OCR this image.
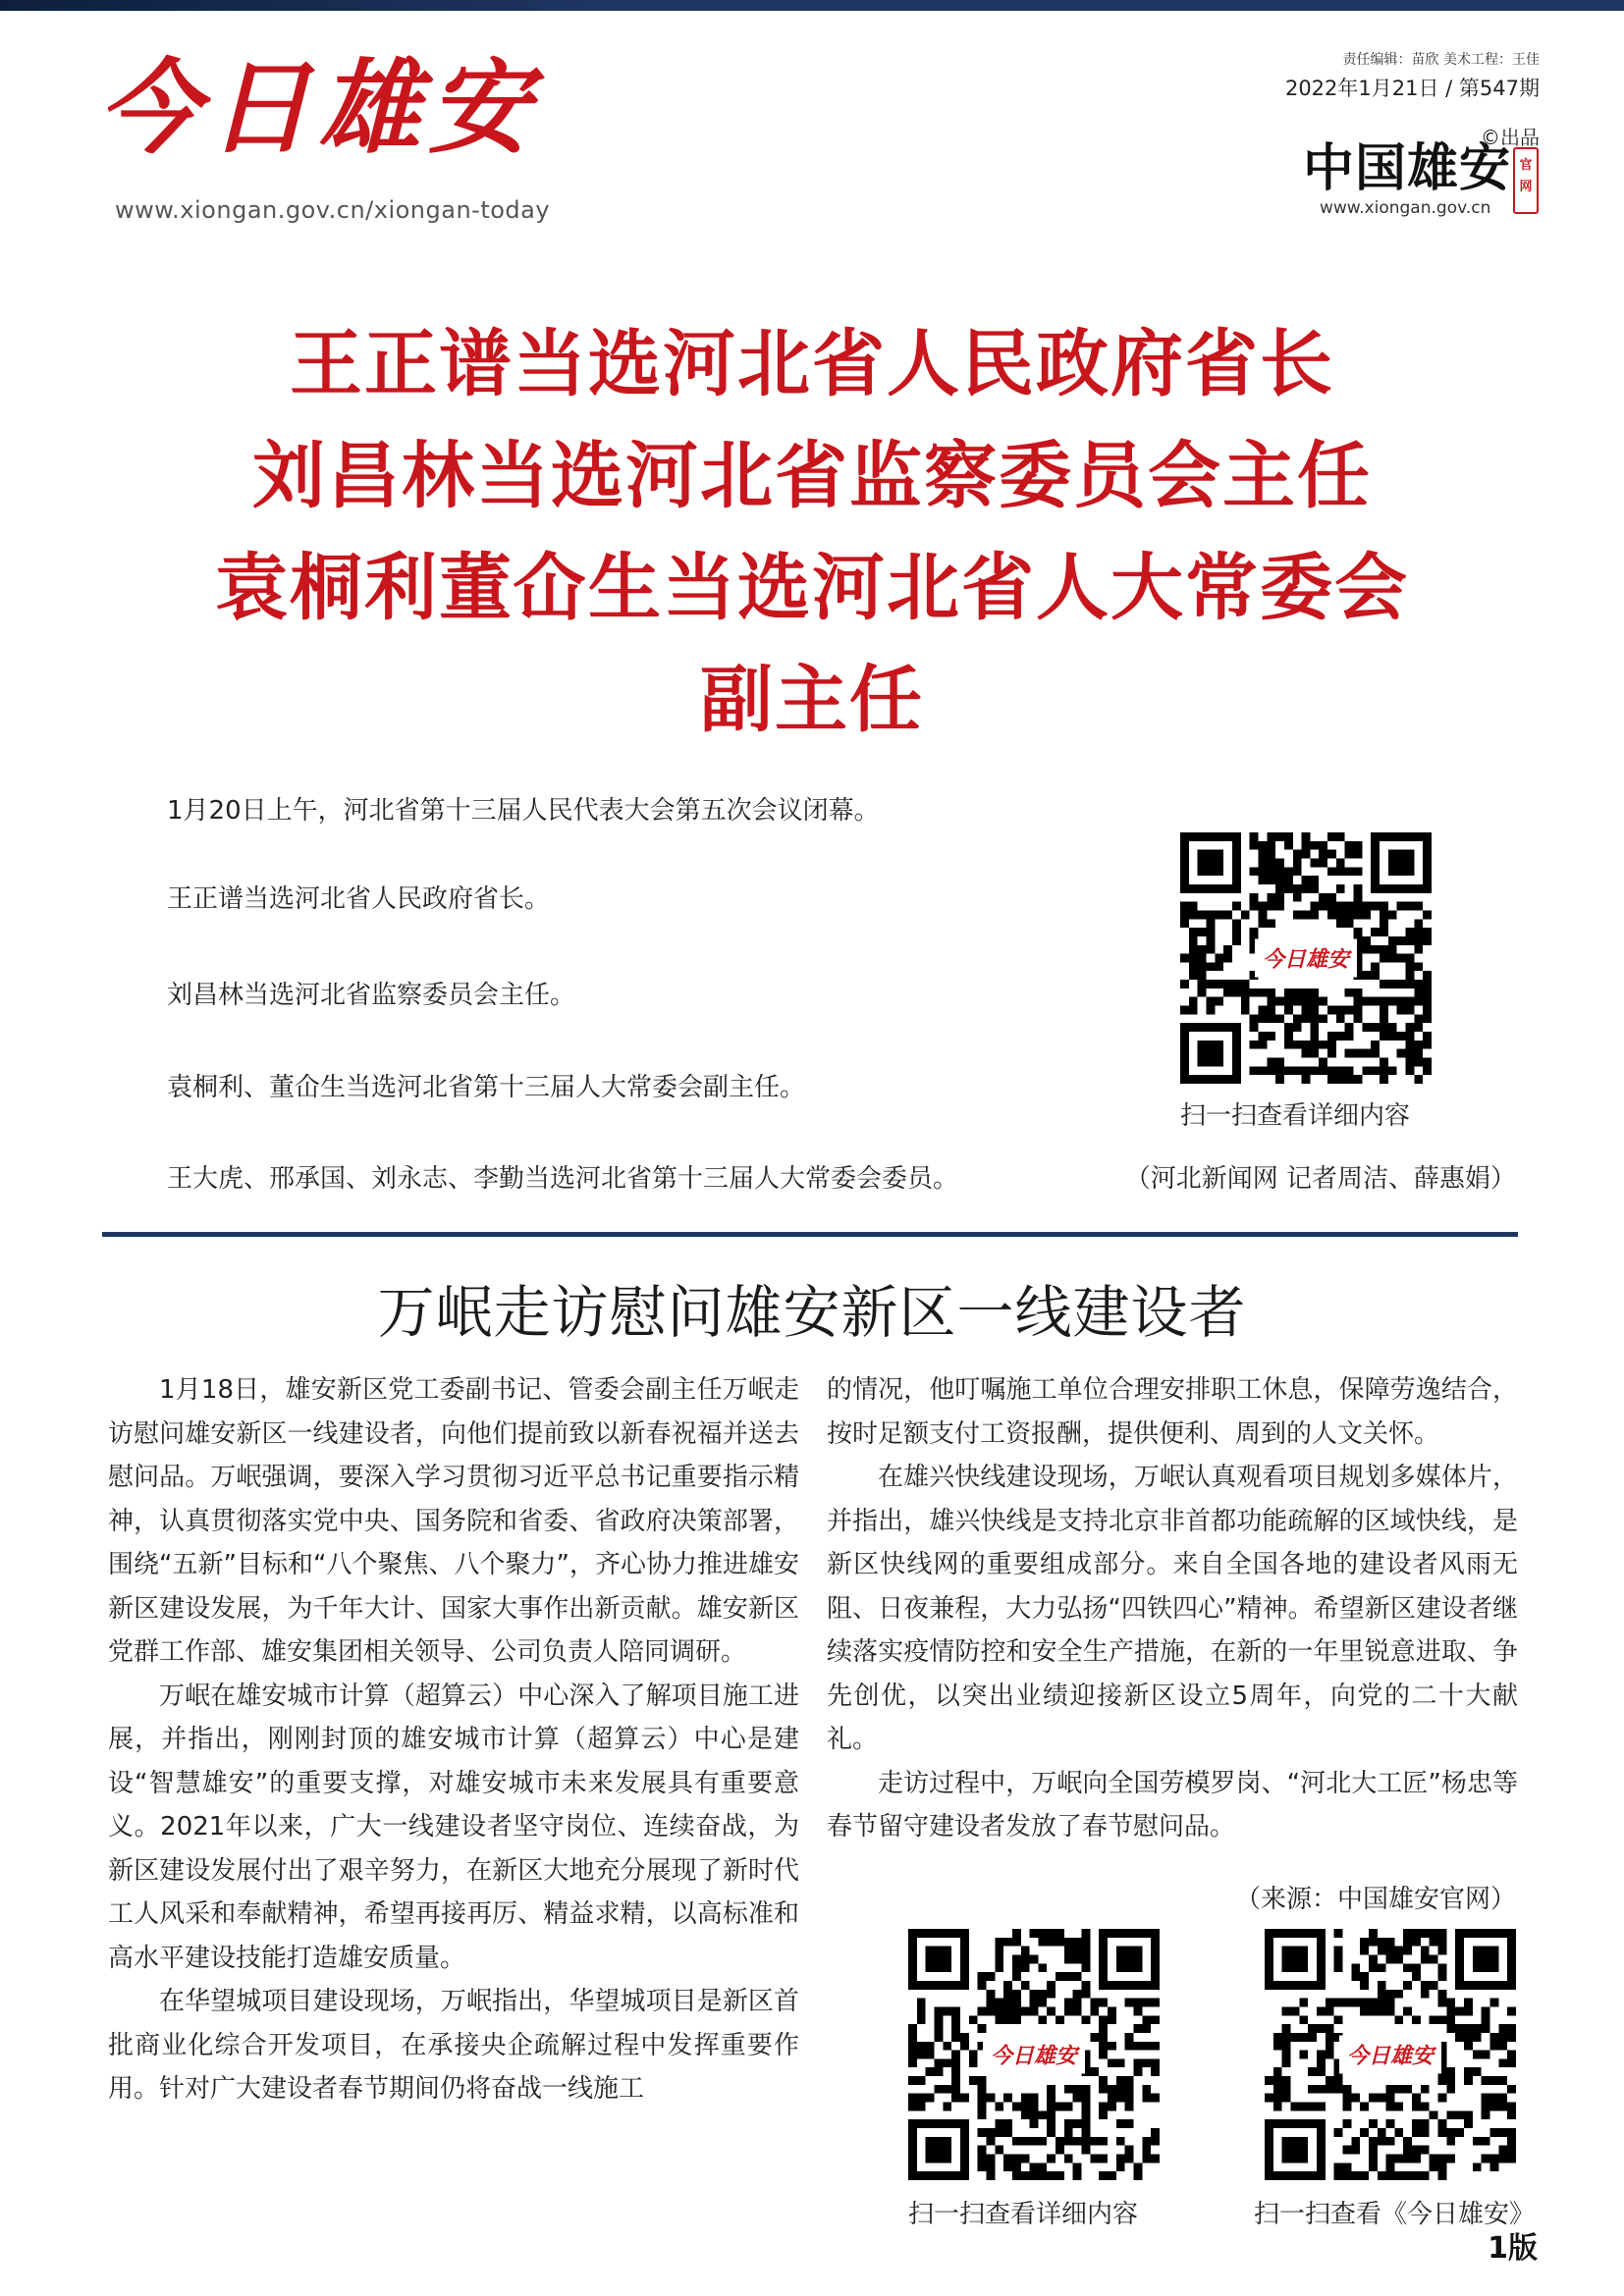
今日雄安
www.xiongan.gov.cn/xiongan-today
责任编辑：苗欣 美术工程：王佳
2022年1月21日 / 第547期
©出品
中国雄安 官网
www.xiongan.gov.cn
王正谱当选河北省人民政府省长
刘昌林当选河北省监察委员会主任
袁桐利董仚生当选河北省人大常委会
副主任
1月20日上午，河北省第十三届人民代表大会第五次会议闭幕。
王正谱当选河北省人民政府省长。
刘昌林当选河北省监察委员会主任。
袁桐利、董仚生当选河北省第十三届人大常委会副主任。
王大虎、邢承国、刘永志、李勤当选河北省第十三届人大常委会委员。	（河北新闻网 记者周洁、薛惠娟）
今日雄安
扫一扫查看详细内容
万岷走访慰问雄安新区一线建设者

1月18日，雄安新区党工委副书记、管委会副主任万岷走访慰问雄安新区一线建设者，向他们提前致以新春祝福并送去慰问品。万岷强调，要深入学习贯彻习近平总书记重要指示精神，认真贯彻落实党中央、国务院和省委、省政府决策部署，围绕“五新”目标和“八个聚焦、八个聚力”，齐心协力推进雄安新区建设发展，为千年大计、国家大事作出新贡献。雄安新区党群工作部、雄安集团相关领导、公司负责人陪同调研。

万岷在雄安城市计算（超算云）中心深入了解项目施工进展，并指出，刚刚封顶的雄安城市计算（超算云）中心是建设“智慧雄安”的重要支撑，对雄安城市未来发展具有重要意义。2021年以来，广大一线建设者坚守岗位、连续奋战，为新区建设发展付出了艰辛努力，在新区大地充分展现了新时代工人风采和奉献精神，希望再接再厉、精益求精，以高标准和高水平建设技能打造雄安质量。

在华望城项目建设现场，万岷指出，华望城项目是新区首批商业化综合开发项目，在承接央企疏解过程中发挥重要作用。针对广大建设者春节期间仍将奋战一线施工

的情况，他叮嘱施工单位合理安排职工休息，保障劳逸结合，按时足额支付工资报酬，提供便利、周到的人文关怀。

在雄兴快线建设现场，万岷认真观看项目规划多媒体片，并指出，雄兴快线是支持北京非首都功能疏解的区域快线，是新区快线网的重要组成部分。来自全国各地的建设者风雨无阻、日夜兼程，大力弘扬“四铁四心”精神。希望新区建设者继续落实疫情防控和安全生产措施，在新的一年里锐意进取、争先创优，以突出业绩迎接新区设立5周年，向党的二十大献礼。

走访过程中，万岷向全国劳模罗岗、“河北大工匠”杨忠等春节留守建设者发放了春节慰问品。

（来源：中国雄安官网）
今日雄安
扫一扫查看详细内容
今日雄安
扫一扫查看《今日雄安》
1版
